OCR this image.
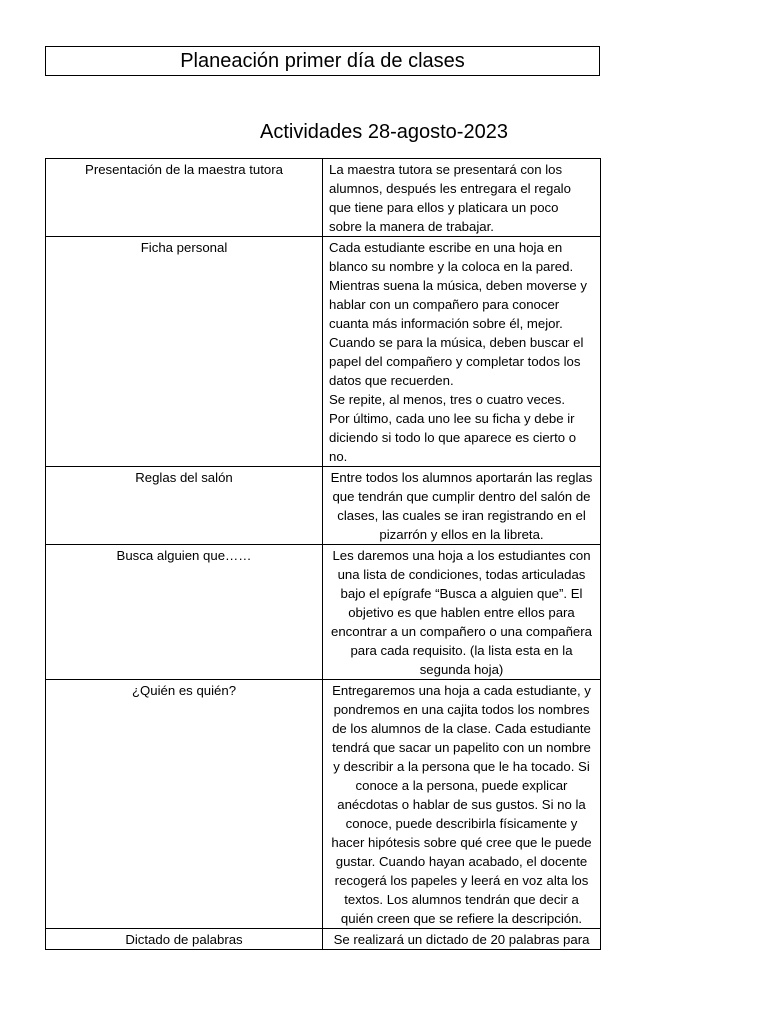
Planeación primer día de clases
Actividades 28-agosto-2023
Presentación de la maestra tutora	La maestra tutora se presentará con los alumnos, después les entregara el regalo que tiene para ellos y platicara un poco sobre la manera de trabajar.

Ficha personal	Cada estudiante escribe en una hoja en blanco su nombre y la coloca en la pared. Mientras suena la música, deben moverse y hablar con un compañero para conocer cuanta más información sobre él, mejor. Cuando se para la música, deben buscar el papel del compañero y completar todos los datos que recuerden.
Se repite, al menos, tres o cuatro veces.
Por último, cada uno lee su ficha y debe ir diciendo si todo lo que aparece es cierto o no.

Reglas del salón	Entre todos los alumnos aportarán las reglas que tendrán que cumplir dentro del salón de clases, las cuales se iran registrando en el pizarrón y ellos en la libreta.

Busca alguien que……	Les daremos una hoja a los estudiantes con una lista de condiciones, todas articuladas bajo el epígrafe “Busca a alguien que”. El objetivo es que hablen entre ellos para encontrar a un compañero o una compañera para cada requisito. (la lista esta en la segunda hoja)

¿Quién es quién?	Entregaremos una hoja a cada estudiante, y pondremos en una cajita todos los nombres de los alumnos de la clase. Cada estudiante tendrá que sacar un papelito con un nombre y describir a la persona que le ha tocado. Si conoce a la persona, puede explicar anécdotas o hablar de sus gustos. Si no la conoce, puede describirla físicamente y hacer hipótesis sobre qué cree que le puede gustar. Cuando hayan acabado, el docente recogerá los papeles y leerá en voz alta los textos. Los alumnos tendrán que decir a quién creen que se refiere la descripción.

Dictado de palabras	Se realizará un dictado de 20 palabras para
